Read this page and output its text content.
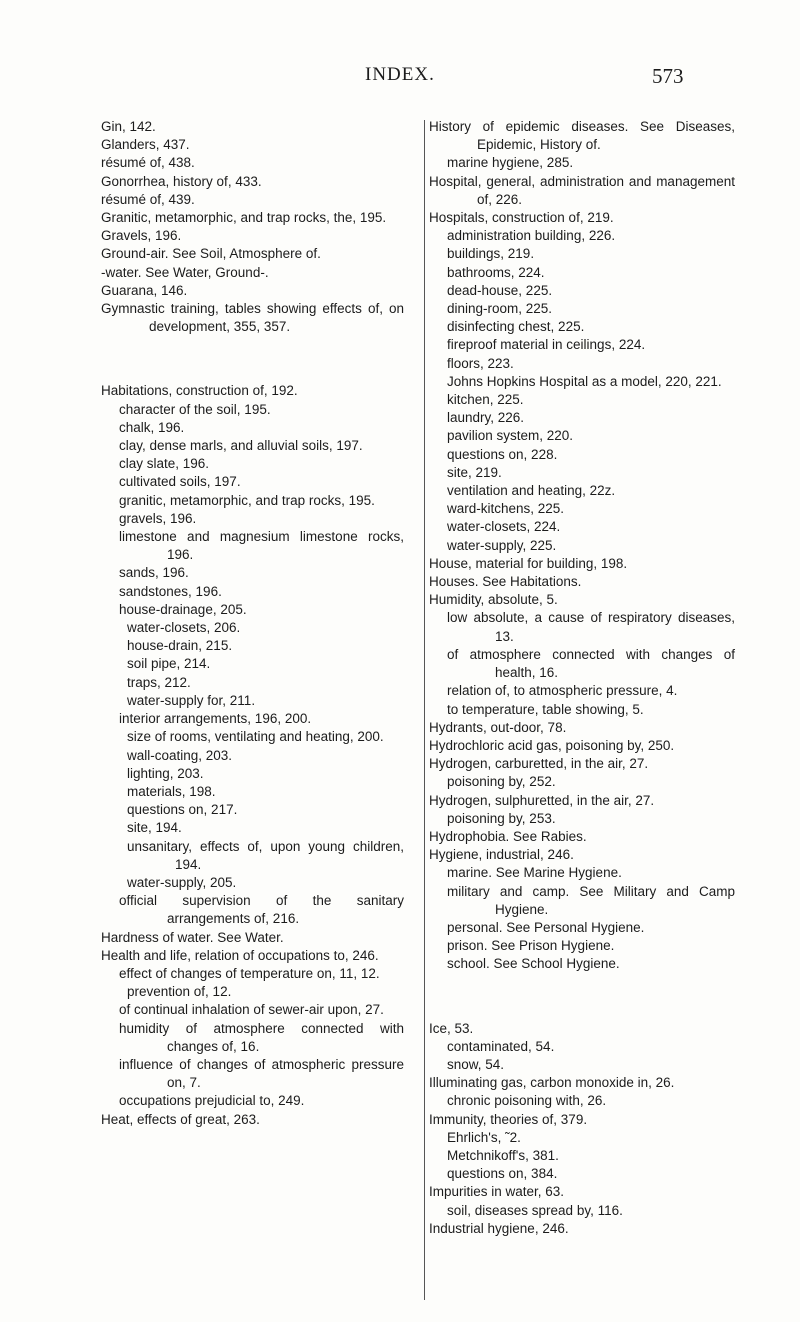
INDEX.	573

Gin, 142.

Glanders, 437.

résumé of, 438.

Gonorrhea, history of, 433.

résumé of, 439.

Granitic, metamorphic, and trap rocks, the, 195.

Gravels, 196.

Ground-air. See Soil, Atmosphere of.

-water. See Water, Ground-.

Guarana, 146.

Gymnastic training, tables showing effects of, on development, 355, 357.

Habitations, construction of, 192.

character of the soil, 195.

chalk, 196.

clay, dense marls, and alluvial soils, 197.

clay slate, 196.

cultivated soils, 197.

granitic, metamorphic, and trap rocks, 195.

gravels, 196.

limestone and magnesium limestone rocks, 196.

sands, 196.

sandstones, 196.

house-drainage, 205.

water-closets, 206.

house-drain, 215.

soil pipe, 214.

traps, 212.

water-supply for, 211.

interior arrangements, 196, 200.

size of rooms, ventilating and heating, 200.

wall-coating, 203.

lighting, 203.

materials, 198.

questions on, 217.

site, 194.

unsanitary, effects of, upon young children, 194.

water-supply, 205.

official supervision of the sanitary arrangements of, 216.

Hardness of water. See Water.

Health and life, relation of occupations to, 246.

effect of changes of temperature on, 11, 12.

prevention of, 12.

of continual inhalation of sewer-air upon, 27.

humidity of atmosphere connected with changes of, 16.

influence of changes of atmospheric pressure on, 7.

occupations prejudicial to, 249.

Heat, effects of great, 263.

History of epidemic diseases. See Diseases, Epidemic, History of.

marine hygiene, 285.

Hospital, general, administration and management of, 226.

Hospitals, construction of, 219.

administration building, 226.

buildings, 219.

bathrooms, 224.

dead-house, 225.

dining-room, 225.

disinfecting chest, 225.

fireproof material in ceilings, 224.

floors, 223.

Johns Hopkins Hospital as a model, 220, 221.

kitchen, 225.

laundry, 226.

pavilion system, 220.

questions on, 228.

site, 219.

ventilation and heating, 22z.

ward-kitchens, 225.

water-closets, 224.

water-supply, 225.

House, material for building, 198.

Houses. See Habitations.

Humidity, absolute, 5.

low absolute, a cause of respiratory diseases, 13.

of atmosphere connected with changes of health, 16.

relation of, to atmospheric pressure, 4.

to temperature, table showing, 5.

Hydrants, out-door, 78.

Hydrochloric acid gas, poisoning by, 250.

Hydrogen, carburetted, in the air, 27.

poisoning by, 252.

Hydrogen, sulphuretted, in the air, 27.

poisoning by, 253.

Hydrophobia. See Rabies.

Hygiene, industrial, 246.

marine. See Marine Hygiene.

military and camp. See Military and Camp Hygiene.

personal. See Personal Hygiene.

prison. See Prison Hygiene.

school. See School Hygiene.

Ice, 53.

contaminated, 54.

snow, 54.

Illuminating gas, carbon monoxide in, 26.

chronic poisoning with, 26.

Immunity, theories of, 379.

Ehrlich's, ˜2.

Metchnikoff's, 381.

questions on, 384.

Impurities in water, 63.

soil, diseases spread by, 116.

Industrial hygiene, 246.
